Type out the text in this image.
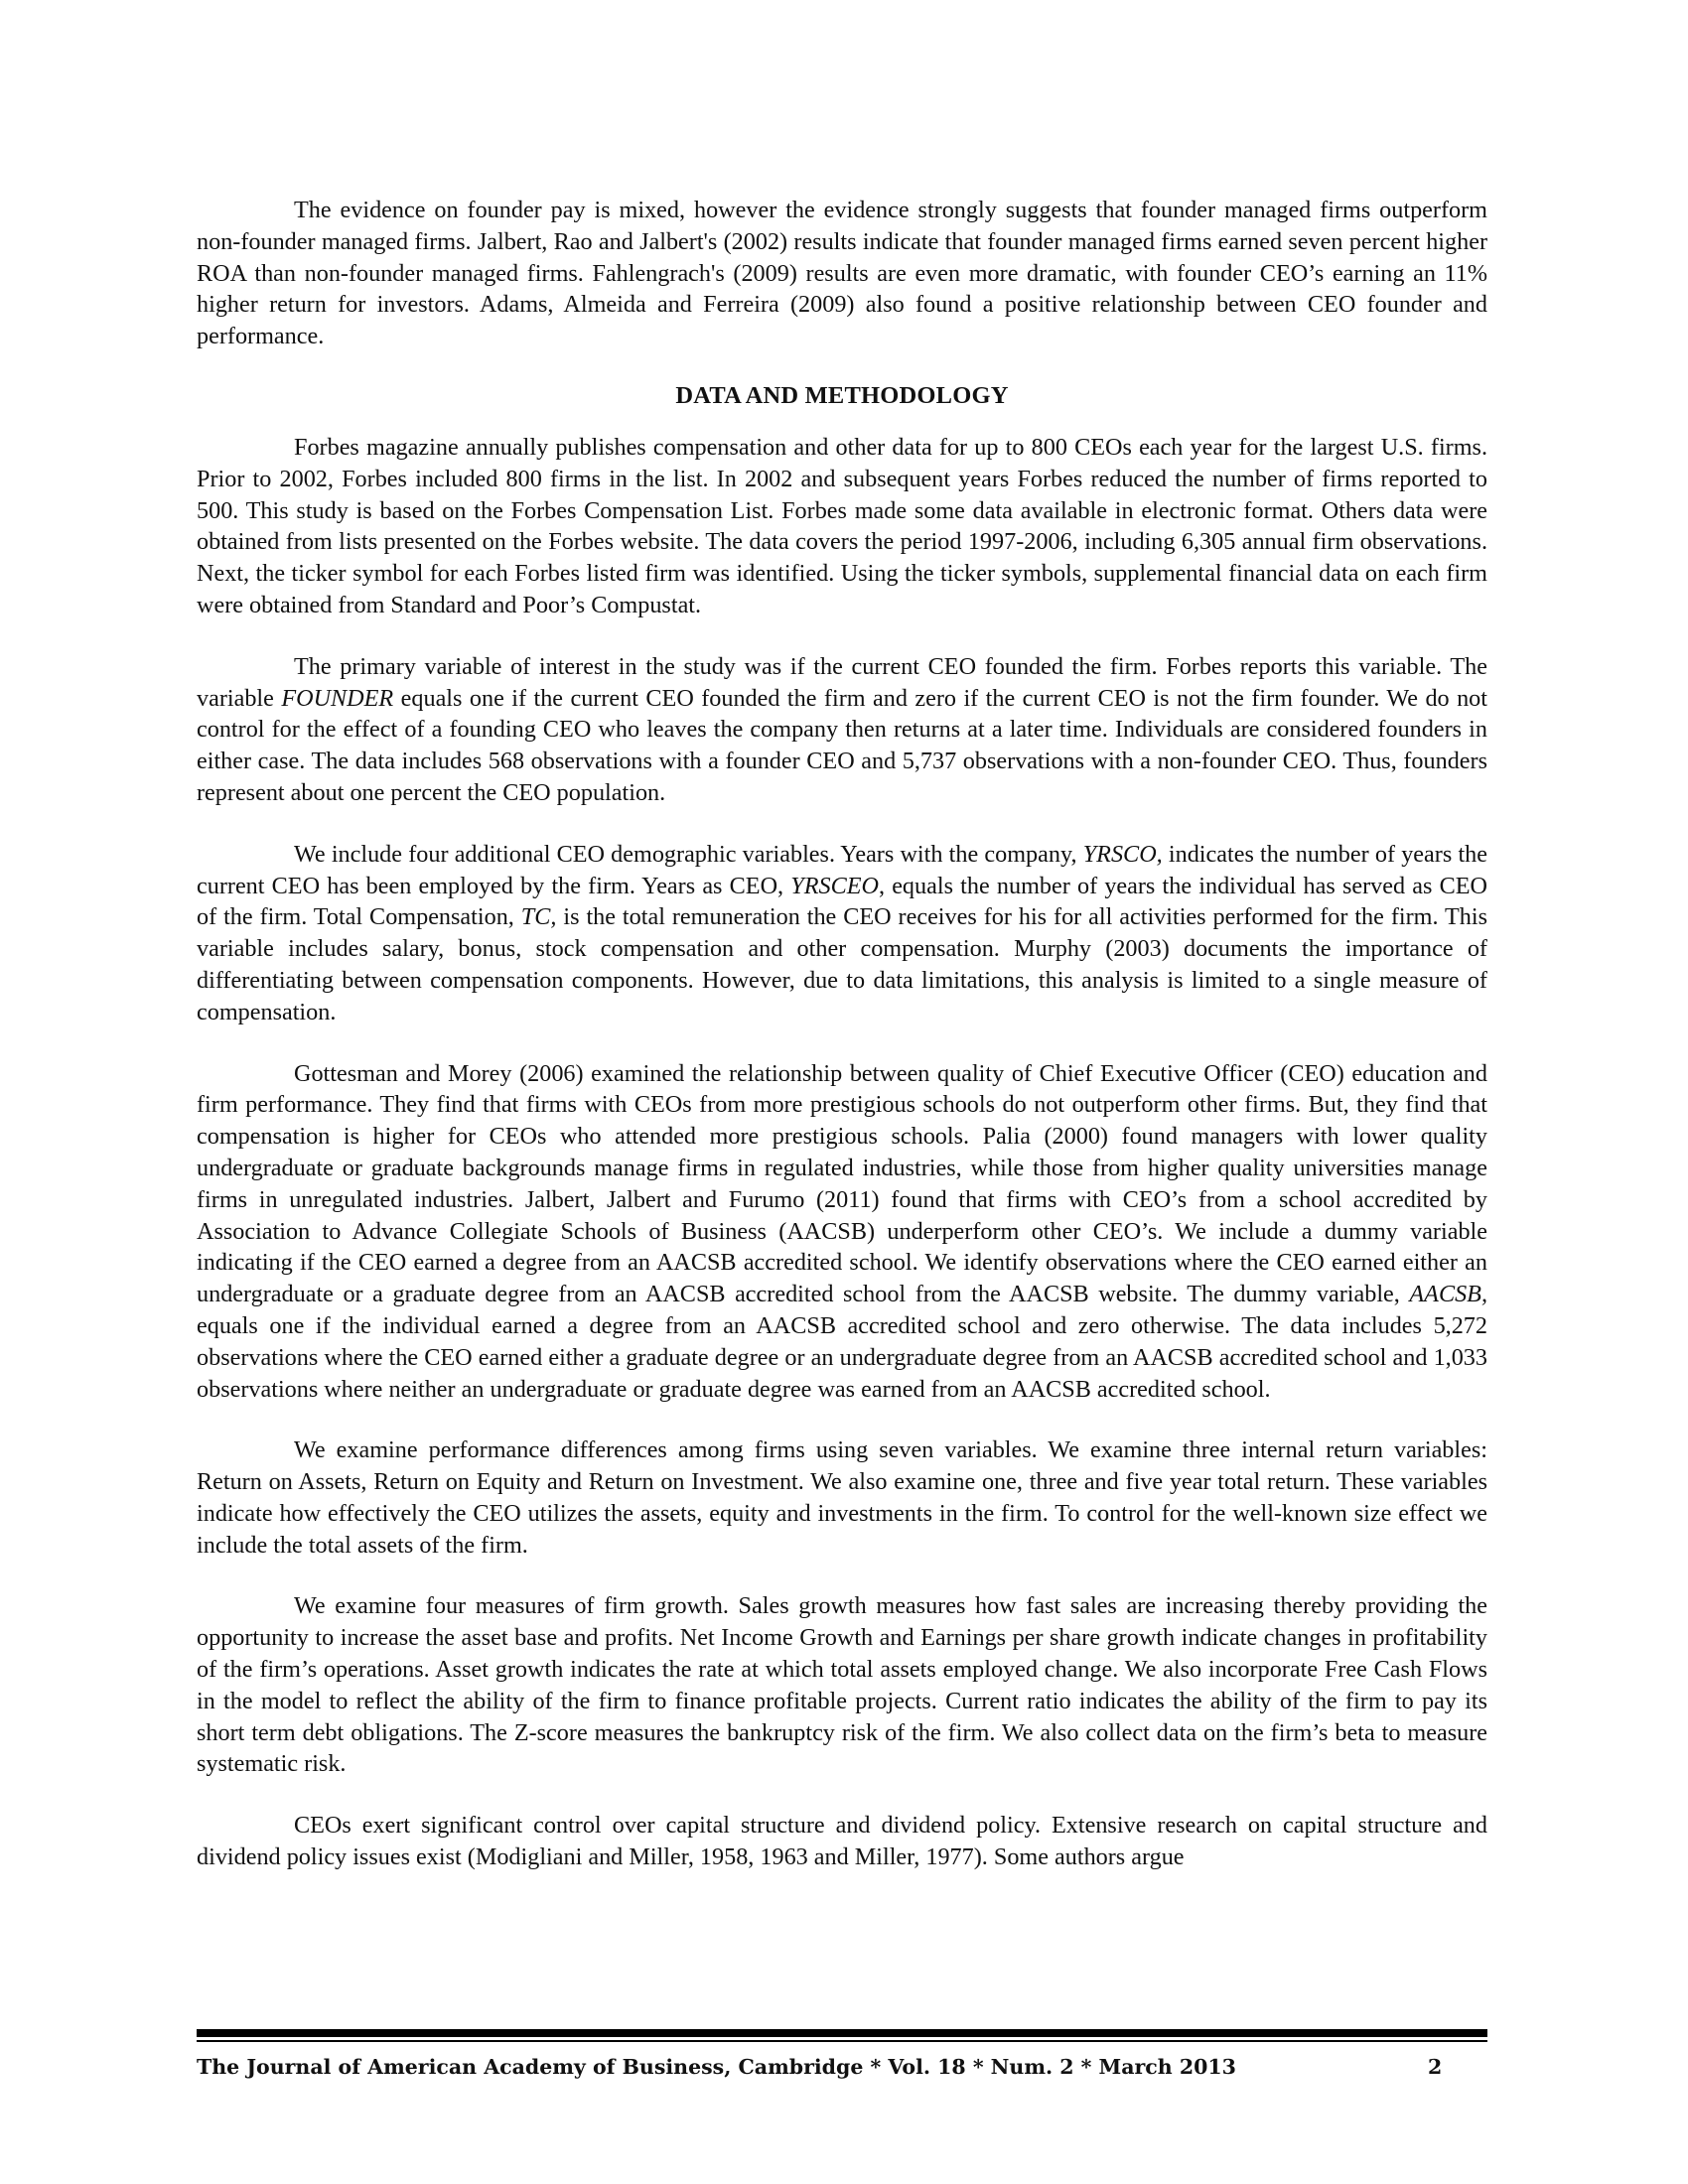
The evidence on founder pay is mixed, however the evidence strongly suggests that founder managed firms outperform non-founder managed firms. Jalbert, Rao and Jalbert's (2002) results indicate that founder managed firms earned seven percent higher ROA than non-founder managed firms. Fahlengrach's (2009) results are even more dramatic, with founder CEO’s earning an 11% higher return for investors. Adams, Almeida and Ferreira (2009) also found a positive relationship between CEO founder and performance.

DATA AND METHODOLOGY

Forbes magazine annually publishes compensation and other data for up to 800 CEOs each year for the largest U.S. firms. Prior to 2002, Forbes included 800 firms in the list. In 2002 and subsequent years Forbes reduced the number of firms reported to 500. This study is based on the Forbes Compensation List. Forbes made some data available in electronic format. Others data were obtained from lists presented on the Forbes website. The data covers the period 1997-2006, including 6,305 annual firm observations. Next, the ticker symbol for each Forbes listed firm was identified. Using the ticker symbols, supplemental financial data on each firm were obtained from Standard and Poor’s Compustat.

The primary variable of interest in the study was if the current CEO founded the firm. Forbes reports this variable. The variable FOUNDER equals one if the current CEO founded the firm and zero if the current CEO is not the firm founder. We do not control for the effect of a founding CEO who leaves the company then returns at a later time. Individuals are considered founders in either case. The data includes 568 observations with a founder CEO and 5,737 observations with a non-founder CEO. Thus, founders represent about one percent the CEO population.

We include four additional CEO demographic variables. Years with the company, YRSCO, indicates the number of years the current CEO has been employed by the firm. Years as CEO, YRSCEO, equals the number of years the individual has served as CEO of the firm. Total Compensation, TC, is the total remuneration the CEO receives for his for all activities performed for the firm. This variable includes salary, bonus, stock compensation and other compensation. Murphy (2003) documents the importance of differentiating between compensation components. However, due to data limitations, this analysis is limited to a single measure of compensation.

Gottesman and Morey (2006) examined the relationship between quality of Chief Executive Officer (CEO) education and firm performance. They find that firms with CEOs from more prestigious schools do not outperform other firms. But, they find that compensation is higher for CEOs who attended more prestigious schools. Palia (2000) found managers with lower quality undergraduate or graduate backgrounds manage firms in regulated industries, while those from higher quality universities manage firms in unregulated industries. Jalbert, Jalbert and Furumo (2011) found that firms with CEO’s from a school accredited by Association to Advance Collegiate Schools of Business (AACSB) underperform other CEO’s. We include a dummy variable indicating if the CEO earned a degree from an AACSB accredited school. We identify observations where the CEO earned either an undergraduate or a graduate degree from an AACSB accredited school from the AACSB website. The dummy variable, AACSB, equals one if the individual earned a degree from an AACSB accredited school and zero otherwise. The data includes 5,272 observations where the CEO earned either a graduate degree or an undergraduate degree from an AACSB accredited school and 1,033 observations where neither an undergraduate or graduate degree was earned from an AACSB accredited school.

We examine performance differences among firms using seven variables. We examine three internal return variables: Return on Assets, Return on Equity and Return on Investment. We also examine one, three and five year total return. These variables indicate how effectively the CEO utilizes the assets, equity and investments in the firm. To control for the well-known size effect we include the total assets of the firm.

We examine four measures of firm growth. Sales growth measures how fast sales are increasing thereby providing the opportunity to increase the asset base and profits. Net Income Growth and Earnings per share growth indicate changes in profitability of the firm’s operations. Asset growth indicates the rate at which total assets employed change. We also incorporate Free Cash Flows in the model to reflect the ability of the firm to finance profitable projects. Current ratio indicates the ability of the firm to pay its short term debt obligations. The Z-score measures the bankruptcy risk of the firm. We also collect data on the firm’s beta to measure systematic risk.

CEOs exert significant control over capital structure and dividend policy. Extensive research on capital structure and dividend policy issues exist (Modigliani and Miller, 1958, 1963 and Miller, 1977). Some authors argue

The Journal of American Academy of Business, Cambridge * Vol. 18 * Num. 2 * March 2013	2
